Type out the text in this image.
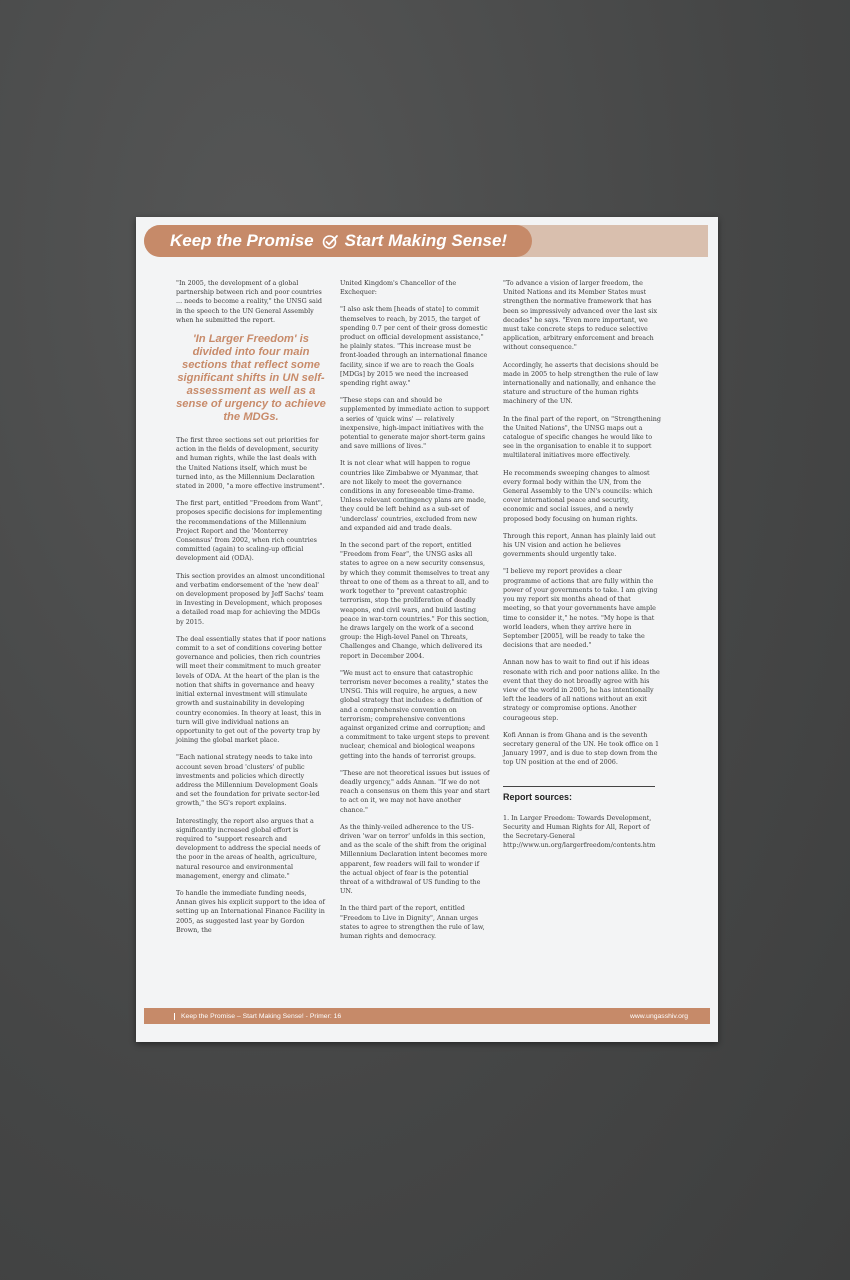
Keep the Promise Start Making Sense!

"In 2005, the development of a global partnership between rich and poor countries ... needs to become a reality," the UNSG said in the speech to the UN General Assembly when he submitted the report.

'In Larger Freedom' is divided into four main sections that reflect some significant shifts in UN self-assessment as well as a sense of urgency to achieve the MDGs.

The first three sections set out priorities for action in the fields of development, security and human rights, while the last deals with the United Nations itself, which must be turned into, as the Millennium Declaration stated in 2000, "a more effective instrument".

The first part, entitled "Freedom from Want", proposes specific decisions for implementing the recommendations of the Millennium Project Report and the 'Monterrey Consensus' from 2002, when rich countries committed (again) to scaling-up official development aid (ODA).

This section provides an almost unconditional and verbatim endorsement of the 'new deal' on development proposed by Jeff Sachs' team in Investing in Development, which proposes a detailed road map for achieving the MDGs by 2015.

The deal essentially states that if poor nations commit to a set of conditions covering better governance and policies, then rich countries will meet their commitment to much greater levels of ODA. At the heart of the plan is the notion that shifts in governance and heavy initial external investment will stimulate growth and sustainability in developing country economies. In theory at least, this in turn will give individual nations an opportunity to get out of the poverty trap by joining the global market place.

"Each national strategy needs to take into account seven broad 'clusters' of public investments and policies which directly address the Millennium Development Goals and set the foundation for private sector-led growth," the SG's report explains.

Interestingly, the report also argues that a significantly increased global effort is required to "support research and development to address the special needs of the poor in the areas of health, agriculture, natural resource and environmental management, energy and climate."

To handle the immediate funding needs, Annan gives his explicit support to the idea of setting up an International Finance Facility in 2005, as suggested last year by Gordon Brown, the

United Kingdom's Chancellor of the Exchequer:

"I also ask them [heads of state] to commit themselves to reach, by 2015, the target of spending 0.7 per cent of their gross domestic product on official development assistance," he plainly states. "This increase must be front-loaded through an international finance facility, since if we are to reach the Goals [MDGs] by 2015 we need the increased spending right away."

"These steps can and should be supplemented by immediate action to support a series of 'quick wins' — relatively inexpensive, high-impact initiatives with the potential to generate major short-term gains and save millions of lives."

It is not clear what will happen to rogue countries like Zimbabwe or Myanmar, that are not likely to meet the governance conditions in any foreseeable time-frame. Unless relevant contingency plans are made, they could be left behind as a sub-set of 'underclass' countries, excluded from new and expanded aid and trade deals.

In the second part of the report, entitled "Freedom from Fear", the UNSG asks all states to agree on a new security consensus, by which they commit themselves to treat any threat to one of them as a threat to all, and to work together to "prevent catastrophic terrorism, stop the proliferation of deadly weapons, end civil wars, and build lasting peace in war-torn countries." For this section, he draws largely on the work of a second group: the High-level Panel on Threats, Challenges and Change, which delivered its report in December 2004.

"We must act to ensure that catastrophic terrorism never becomes a reality," states the UNSG. This will require, he argues, a new global strategy that includes: a definition of and a comprehensive convention on terrorism; comprehensive conventions against organized crime and corruption; and a commitment to take urgent steps to prevent nuclear, chemical and biological weapons getting into the hands of terrorist groups.

"These are not theoretical issues but issues of deadly urgency," adds Annan. "If we do not reach a consensus on them this year and start to act on it, we may not have another chance."

As the thinly-veiled adherence to the US-driven 'war on terror' unfolds in this section, and as the scale of the shift from the original Millennium Declaration intent becomes more apparent, few readers will fail to wonder if the actual object of fear is the potential threat of a withdrawal of US funding to the UN.

In the third part of the report, entitled "Freedom to Live in Dignity", Annan urges states to agree to strengthen the rule of law, human rights and democracy.

"To advance a vision of larger freedom, the United Nations and its Member States must strengthen the normative framework that has been so impressively advanced over the last six decades" he says. "Even more important, we must take concrete steps to reduce selective application, arbitrary enforcement and breach without consequence."

Accordingly, he asserts that decisions should be made in 2005 to help strengthen the rule of law internationally and nationally, and enhance the stature and structure of the human rights machinery of the UN.

In the final part of the report, on "Strengthening the United Nations", the UNSG maps out a catalogue of specific changes he would like to see in the organisation to enable it to support multilateral initiatives more effectively.

He recommends sweeping changes to almost every formal body within the UN, from the General Assembly to the UN's councils: which cover international peace and security, economic and social issues, and a newly proposed body focusing on human rights.

Through this report, Annan has plainly laid out his UN vision and action he believes governments should urgently take.

"I believe my report provides a clear programme of actions that are fully within the power of your governments to take. I am giving you my report six months ahead of that meeting, so that your governments have ample time to consider it," he notes. "My hope is that world leaders, when they arrive here in September [2005], will be ready to take the decisions that are needed."

Annan now has to wait to find out if his ideas resonate with rich and poor nations alike. In the event that they do not broadly agree with his view of the world in 2005, he has intentionally left the leaders of all nations without an exit strategy or compromise options. Another courageous step.

Kofi Annan is from Ghana and is the seventh secretary general of the UN. He took office on 1 January 1997, and is due to step down from the top UN position at the end of 2006.

Report sources:

1. In Larger Freedom: Towards Development, Security and Human Rights for All, Report of the Secretary-General http://www.un.org/largerfreedom/contents.htm

Keep the Promise – Start Making Sense! - Primer: 16	www.ungasshiv.org
